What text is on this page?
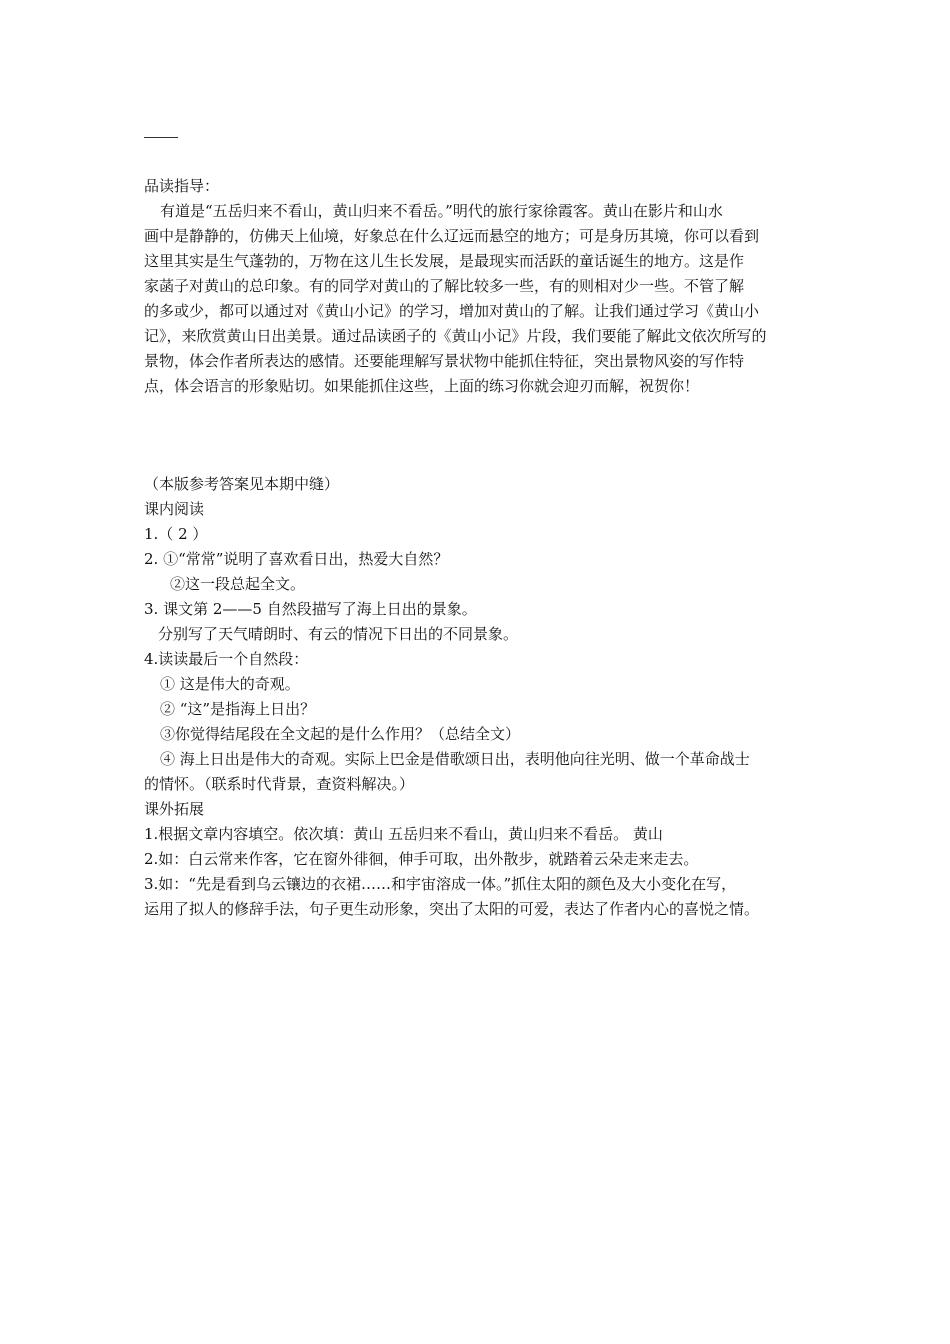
品读指导：
有道是“五岳归来不看山，黄山归来不看岳。”明代的旅行家徐霞客。黄山在影片和山水
画中是静静的，仿佛天上仙境，好象总在什么辽远而悬空的地方；可是身历其境，你可以看到
这里其实是生气蓬勃的，万物在这儿生长发展，是最现实而活跃的童话诞生的地方。这是作
家菡子对黄山的总印象。有的同学对黄山的了解比较多一些，有的则相对少一些。不管了解
的多或少，都可以通过对《黄山小记》的学习，增加对黄山的了解。让我们通过学习《黄山小
记》，来欣赏黄山日出美景。通过品读函子的《黄山小记》片段，我们要能了解此文依次所写的
景物，体会作者所表达的感情。还要能理解写景状物中能抓住特征，突出景物风姿的写作特
点，体会语言的形象贴切。如果能抓住这些，上面的练习你就会迎刃而解，祝贺你！
（本版参考答案见本期中缝）
课内阅读
1.（ 2 ）
2. ①“常常”说明了喜欢看日出，热爱大自然？
②这一段总起全文。
3. 课文第 2——5 自然段描写了海上日出的景象。
分别写了天气晴朗时、有云的情况下日出的不同景象。
4.读读最后一个自然段：
① 这是伟大的奇观。
② “这”是指海上日出？
③你觉得结尾段在全文起的是什么作用？（总结全文）
④ 海上日出是伟大的奇观。实际上巴金是借歌颂日出，表明他向往光明、做一个革命战士
的情怀。（联系时代背景，查资料解决。）
课外拓展
1.根据文章内容填空。依次填：黄山 五岳归来不看山，黄山归来不看岳。 黄山
2.如：白云常来作客，它在窗外徘徊，伸手可取，出外散步，就踏着云朵走来走去。
3.如：“先是看到乌云镶边的衣裙……和宇宙溶成一体。”抓住太阳的颜色及大小变化在写，
运用了拟人的修辞手法，句子更生动形象，突出了太阳的可爱，表达了作者内心的喜悦之情。
